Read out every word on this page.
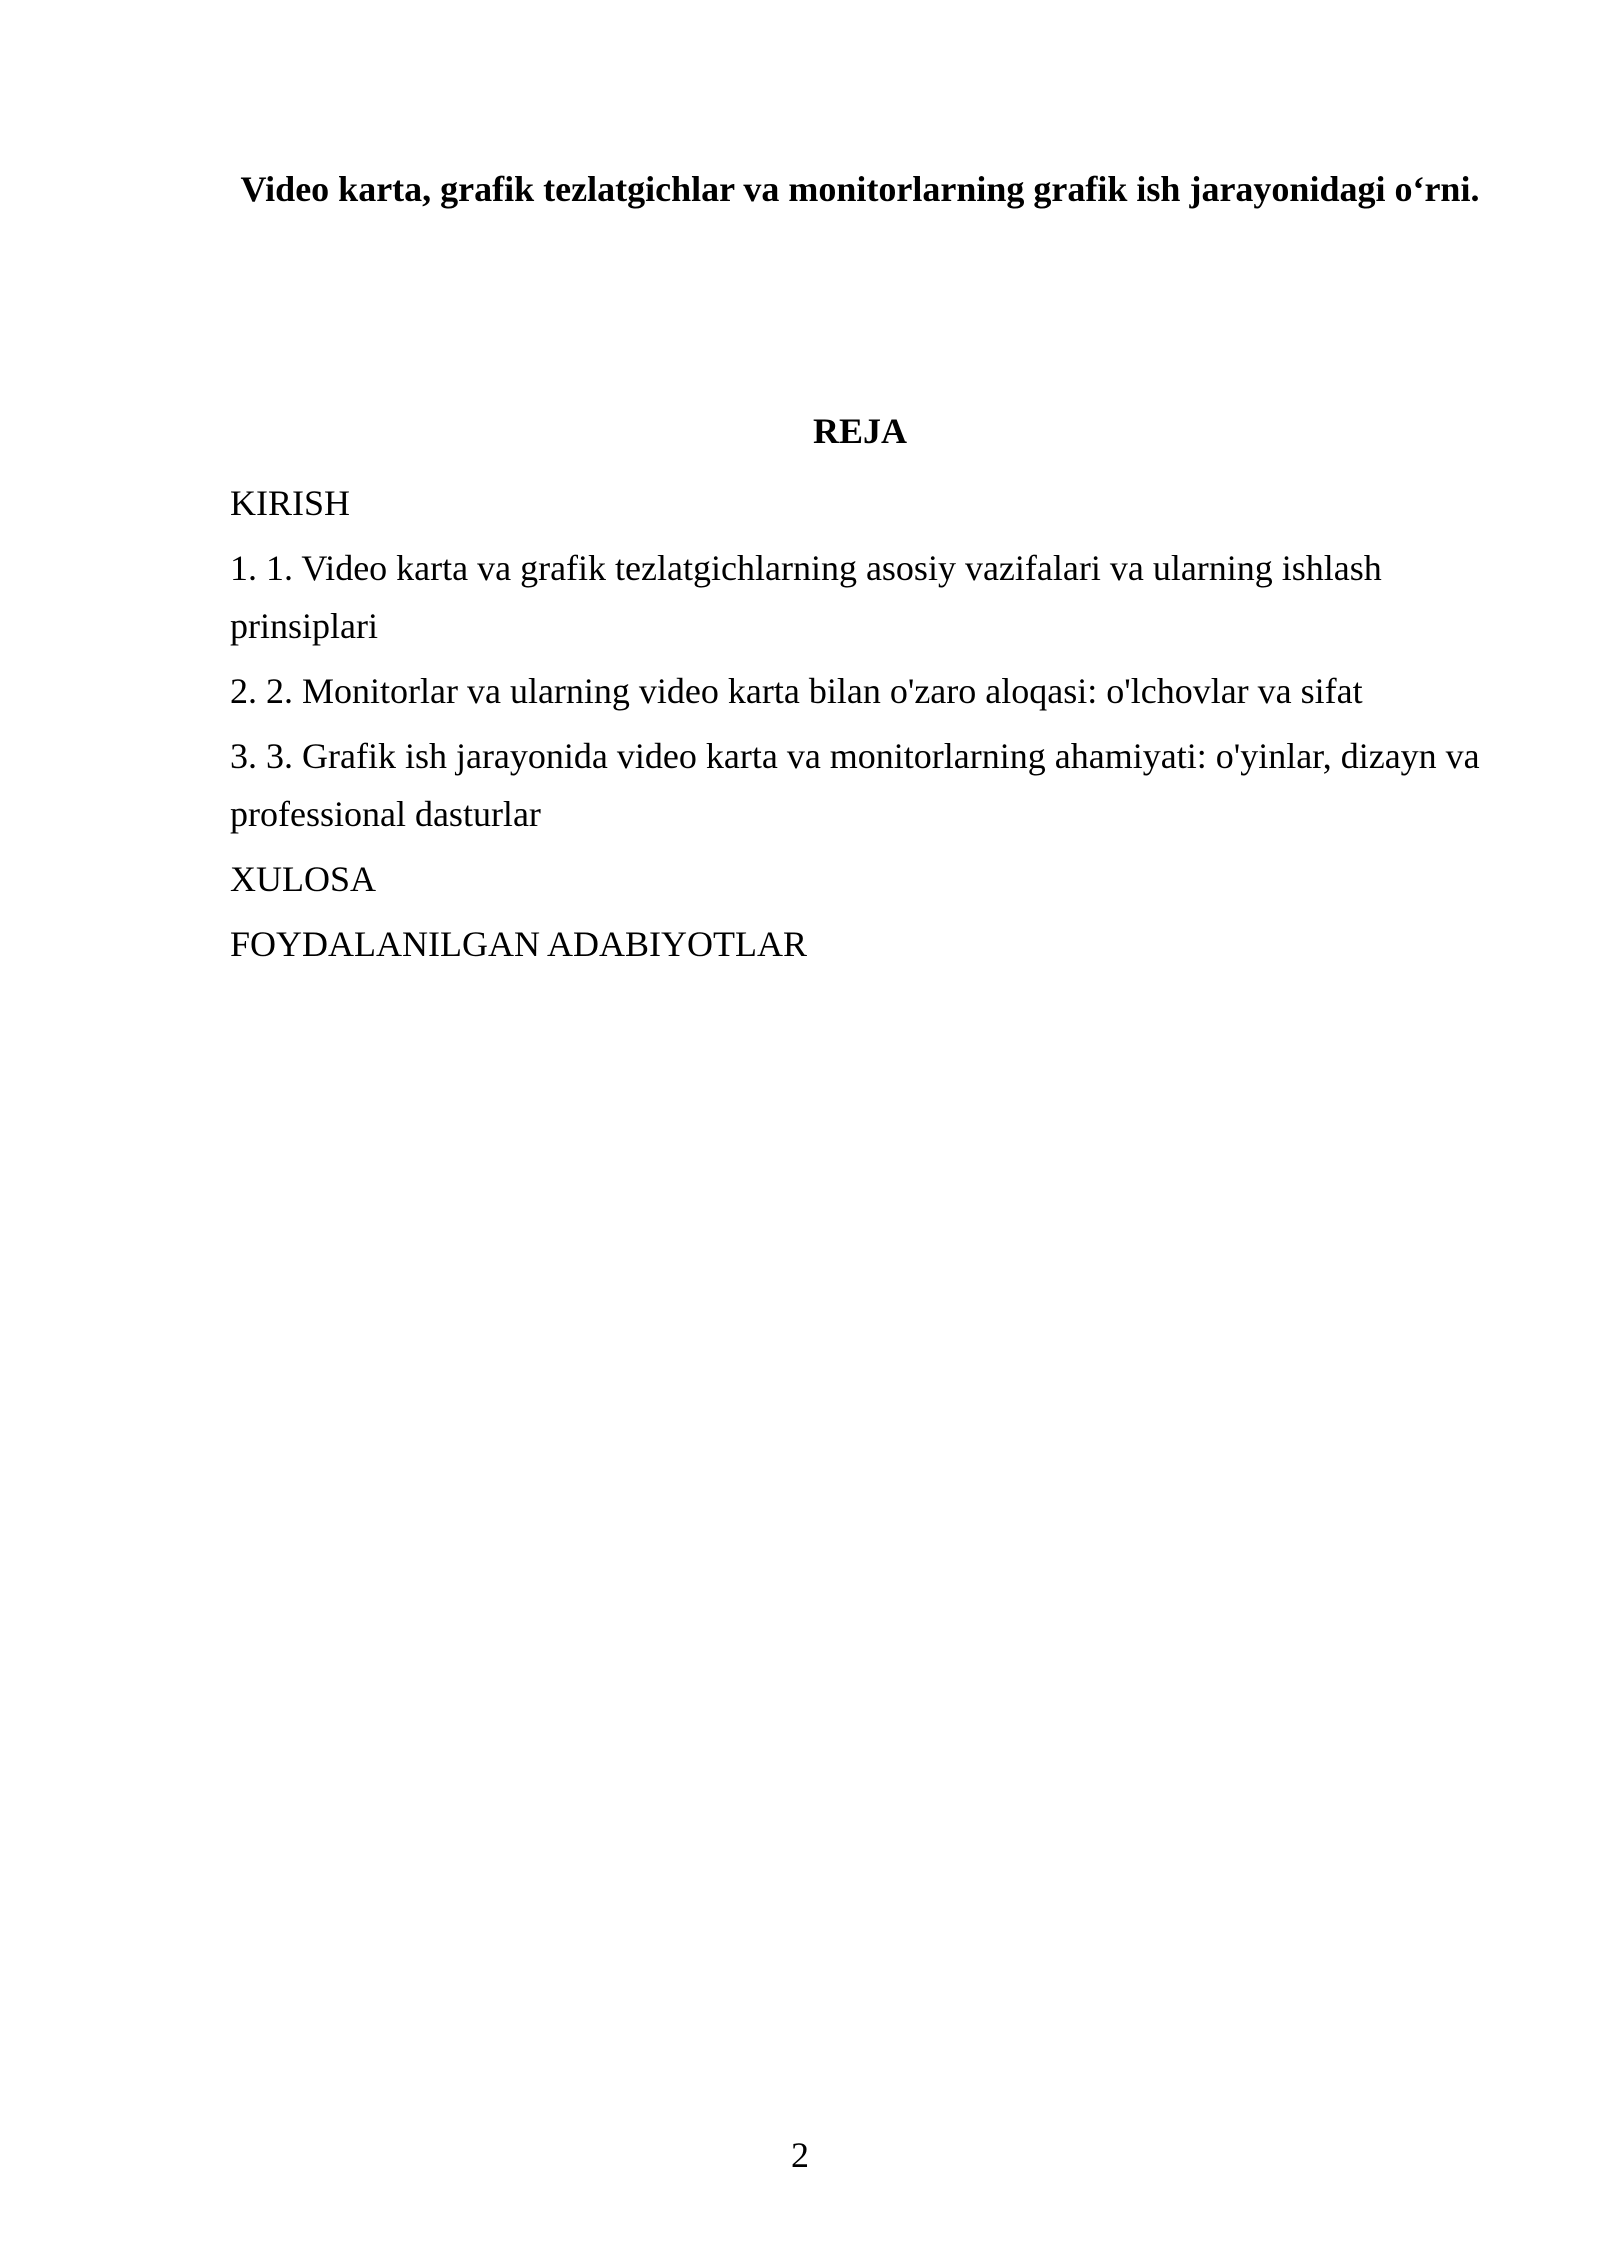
Video karta, grafik tezlatgichlar va monitorlarning grafik ish jarayonidagi o‘rni.
REJA
KIRISH
1. 1. Video karta va grafik tezlatgichlarning asosiy vazifalari va ularning ishlash prinsiplari
2. 2. Monitorlar va ularning video karta bilan o'zaro aloqasi: o'lchovlar va sifat
3. 3. Grafik ish jarayonida video karta va monitorlarning ahamiyati: o'yinlar, dizayn va professional dasturlar
XULOSA
FOYDALANILGAN ADABIYOTLAR
2
